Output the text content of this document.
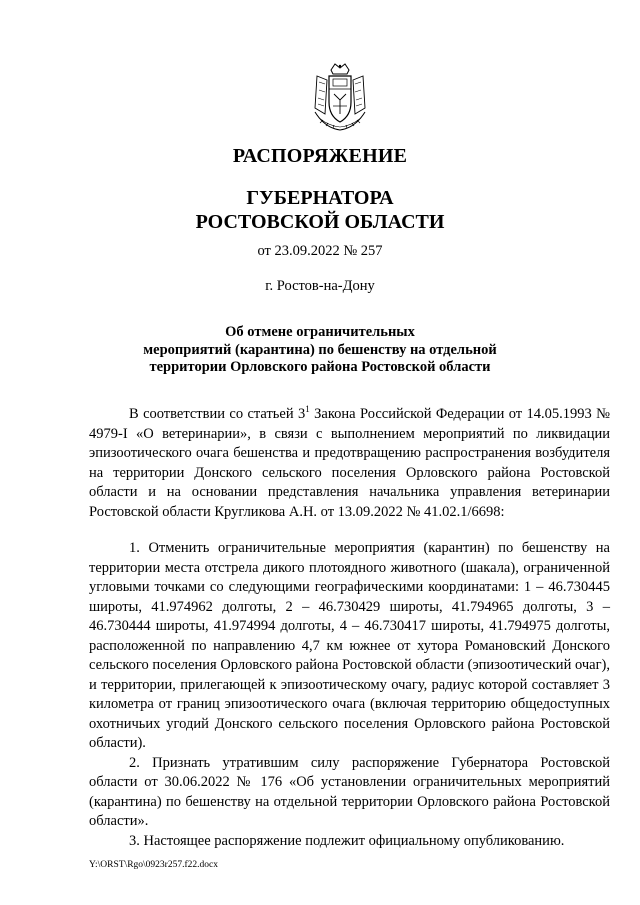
РАСПОРЯЖЕНИЕ
ГУБЕРНАТОРА
РОСТОВСКОЙ ОБЛАСТИ
от 23.09.2022 № 257
г. Ростов-на-Дону
Об отмене ограничительных
мероприятий (карантина) по бешенству на отдельной
территории Орловского района Ростовской области

В соответствии со статьей $3^1$ Закона Российской Федерации от 14.05.1993 № 4979-I «О ветеринарии», в связи с выполнением мероприятий по ликвидации эпизоотического очага бешенства и предотвращению распространения возбудителя на территории Донского сельского поселения Орловского района Ростовской области и на основании представления начальника управления ветеринарии Ростовской области Кругликова А.Н. от 13.09.2022 № 41.02.1/6698:

1. Отменить ограничительные мероприятия (карантин) по бешенству на территории места отстрела дикого плотоядного животного (шакала), ограниченной угловыми точками со следующими географическими координатами: 1 – 46.730445 широты, 41.974962 долготы, 2 – 46.730429 широты, 41.794965 долготы, 3 – 46.730444 широты, 41.974994 долготы, 4 – 46.730417 широты, 41.794975 долготы, расположенной по направлению 4,7 км южнее от хутора Романовский Донского сельского поселения Орловского района Ростовской области (эпизоотический очаг), и территории, прилегающей к эпизоотическому очагу, радиус которой составляет 3 километра от границ эпизоотического очага (включая территорию общедоступных охотничьих угодий Донского сельского поселения Орловского района Ростовской области).

2. Признать утратившим силу распоряжение Губернатора Ростовской области от 30.06.2022 № 176 «Об установлении ограничительных мероприятий (карантина) по бешенству на отдельной территории Орловского района Ростовской области».

3. Настоящее распоряжение подлежит официальному опубликованию.

Y:\ORST\Rgo\0923r257.f22.docx
